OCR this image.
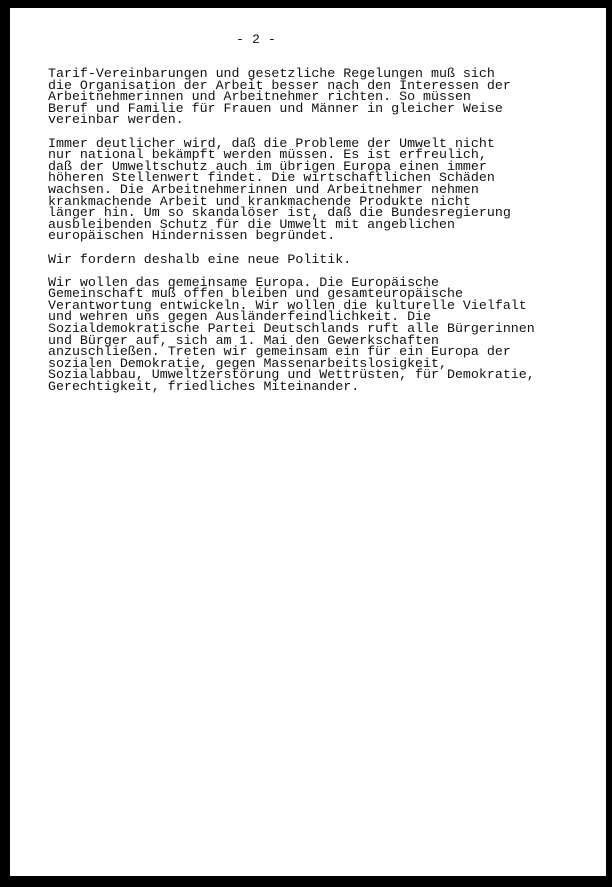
- 2 -
Tarif-Vereinbarungen und gesetzliche Regelungen muß sich
die Organisation der Arbeit besser nach den Interessen der
Arbeitnehmerinnen und Arbeitnehmer richten. So müssen
Beruf und Familie für Frauen und Männer in gleicher Weise
vereinbar werden.
Immer deutlicher wird, daß die Probleme der Umwelt nicht
nur national bekämpft werden müssen. Es ist erfreulich,
daß der Umweltschutz auch im übrigen Europa einen immer
höheren Stellenwert findet. Die wirtschaftlichen Schäden
wachsen. Die Arbeitnehmerinnen und Arbeitnehmer nehmen
krankmachende Arbeit und krankmachende Produkte nicht
länger hin. Um so skandalöser ist, daß die Bundesregierung
ausbleibenden Schutz für die Umwelt mit angeblichen
europäischen Hindernissen begründet.
Wir fordern deshalb eine neue Politik.
Wir wollen das gemeinsame Europa. Die Europäische
Gemeinschaft muß offen bleiben und gesamteuropäische
Verantwortung entwickeln. Wir wollen die kulturelle Vielfalt
und wehren uns gegen Ausländerfeindlichkeit. Die
Sozialdemokratische Partei Deutschlands ruft alle Bürgerinnen
und Bürger auf, sich am 1. Mai den Gewerkschaften
anzuschließen. Treten wir gemeinsam ein für ein Europa der
sozialen Demokratie, gegen Massenarbeitslosigkeit,
Sozialabbau, Umweltzerstörung und Wettrüsten, für Demokratie,
Gerechtigkeit, friedliches Miteinander.
